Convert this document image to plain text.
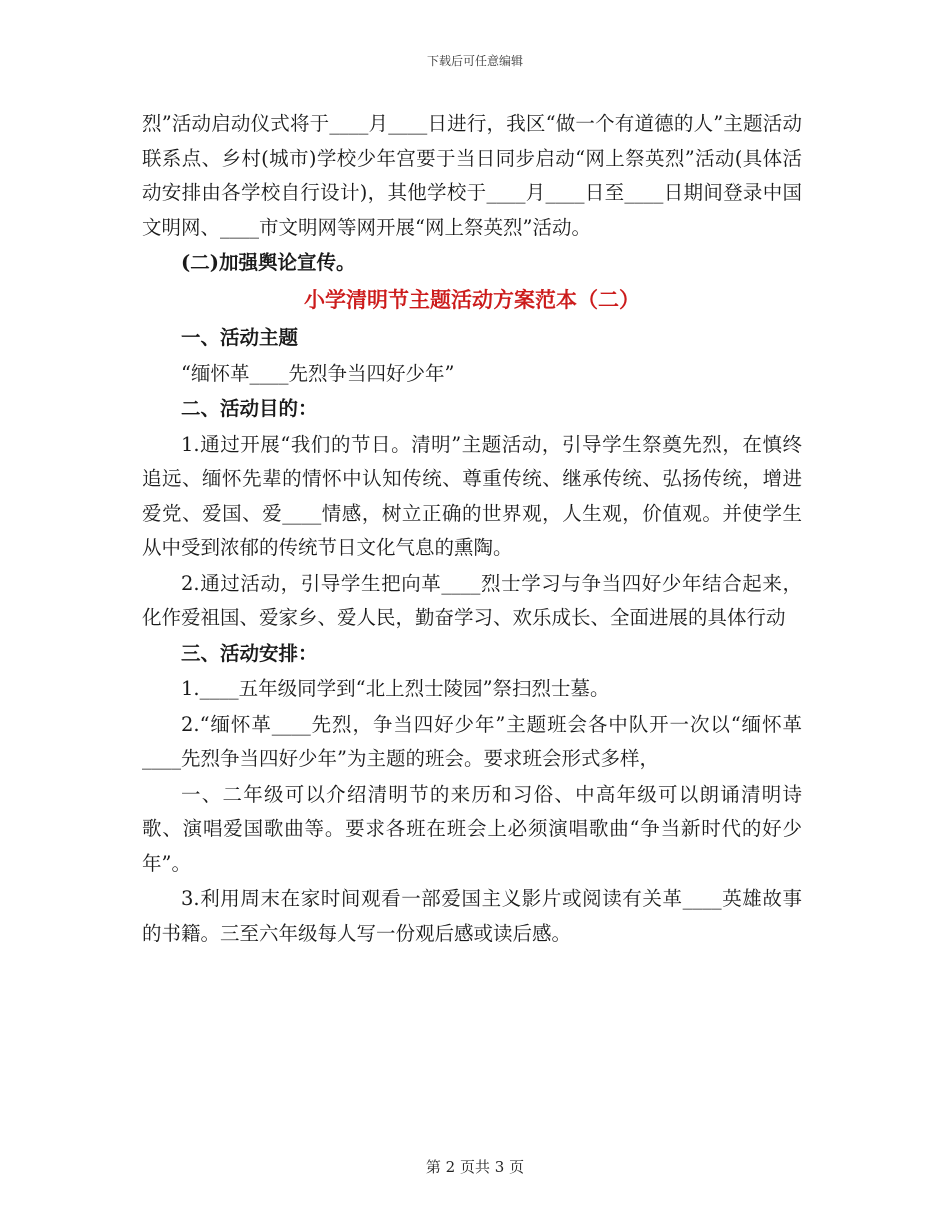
下载后可任意编辑

烈”活动启动仪式将于____月____日进行，我区“做一个有道德的人”主题活动联系点、乡村(城市)学校少年宫要于当日同步启动“网上祭英烈”活动(具体活动安排由各学校自行设计)，其他学校于____月____日至____日期间登录中国文明网、____市文明网等网开展“网上祭英烈”活动。

(二)加强舆论宣传。

小学清明节主题活动方案范本（二）

一、活动主题

“缅怀革____先烈争当四好少年”

二、活动目的：

1.通过开展“我们的节日。清明”主题活动，引导学生祭奠先烈，在慎终追远、缅怀先辈的情怀中认知传统、尊重传统、继承传统、弘扬传统，增进爱党、爱国、爱____情感，树立正确的世界观，人生观，价值观。并使学生从中受到浓郁的传统节日文化气息的熏陶。

2.通过活动，引导学生把向革____烈士学习与争当四好少年结合起来，化作爱祖国、爱家乡、爱人民，勤奋学习、欢乐成长、全面进展的具体行动

三、活动安排：

1.____五年级同学到“北上烈士陵园”祭扫烈士墓。

2.“缅怀革____先烈，争当四好少年”主题班会各中队开一次以“缅怀革____先烈争当四好少年”为主题的班会。要求班会形式多样，

一、二年级可以介绍清明节的来历和习俗、中高年级可以朗诵清明诗歌、演唱爱国歌曲等。要求各班在班会上必须演唱歌曲“争当新时代的好少年”。

3.利用周末在家时间观看一部爱国主义影片或阅读有关革____英雄故事的书籍。三至六年级每人写一份观后感或读后感。

第 2 页共 3 页
